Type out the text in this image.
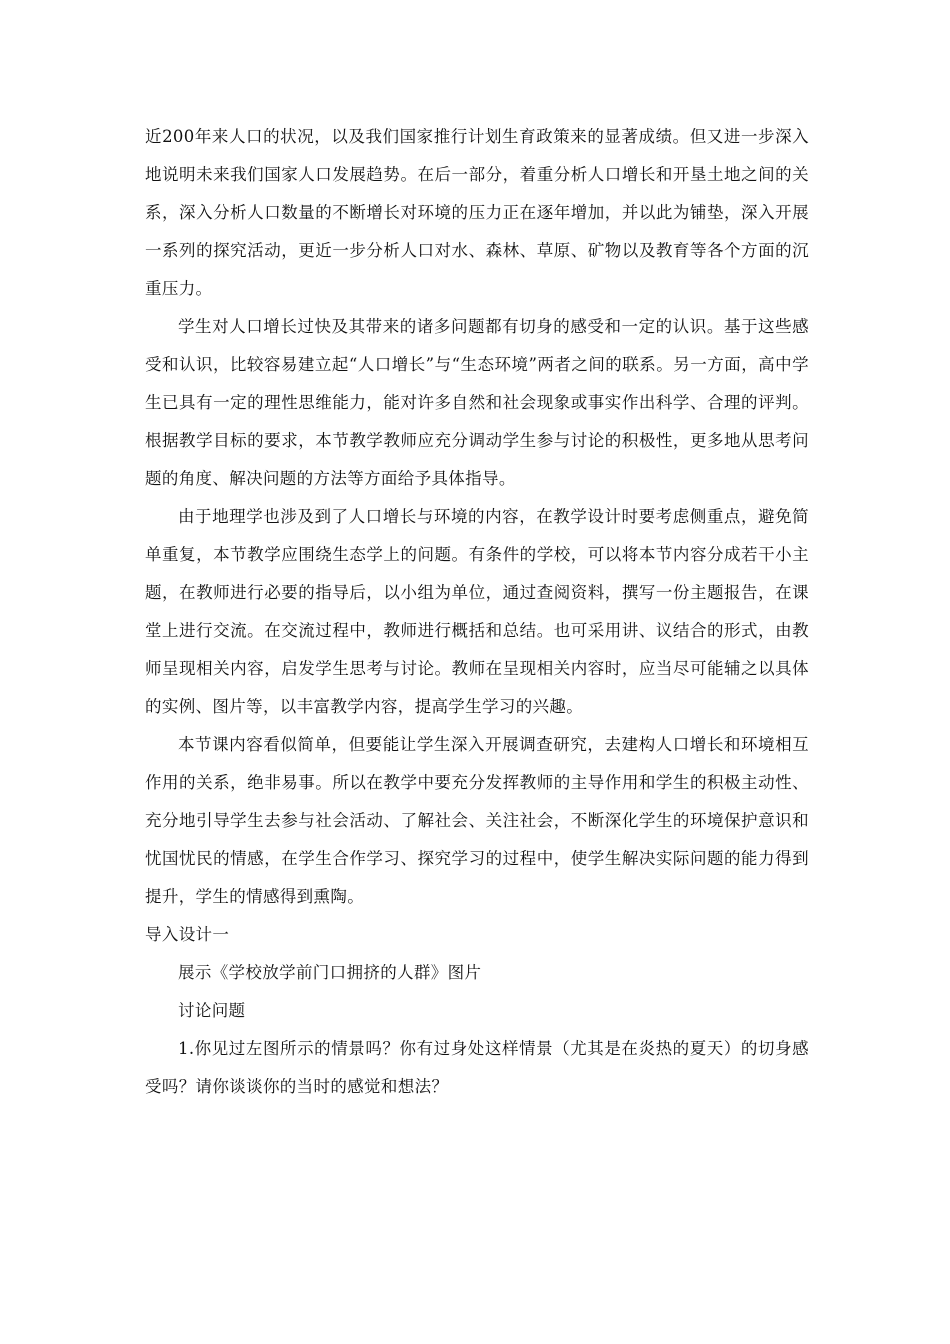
近200年来人口的状况，以及我们国家推行计划生育政策来的显著成绩。但又进一步深入地说明未来我们国家人口发展趋势。在后一部分，着重分析人口增长和开垦土地之间的关系，深入分析人口数量的不断增长对环境的压力正在逐年增加，并以此为铺垫，深入开展一系列的探究活动，更近一步分析人口对水、森林、草原、矿物以及教育等各个方面的沉重压力。

学生对人口增长过快及其带来的诸多问题都有切身的感受和一定的认识。基于这些感受和认识，比较容易建立起“人口增长”与“生态环境”两者之间的联系。另一方面，高中学生已具有一定的理性思维能力，能对许多自然和社会现象或事实作出科学、合理的评判。根据教学目标的要求，本节教学教师应充分调动学生参与讨论的积极性，更多地从思考问题的角度、解决问题的方法等方面给予具体指导。

由于地理学也涉及到了人口增长与环境的内容，在教学设计时要考虑侧重点，避免简单重复，本节教学应围绕生态学上的问题。有条件的学校，可以将本节内容分成若干小主题，在教师进行必要的指导后，以小组为单位，通过查阅资料，撰写一份主题报告，在课堂上进行交流。在交流过程中，教师进行概括和总结。也可采用讲、议结合的形式，由教师呈现相关内容，启发学生思考与讨论。教师在呈现相关内容时，应当尽可能辅之以具体的实例、图片等，以丰富教学内容，提高学生学习的兴趣。

本节课内容看似简单，但要能让学生深入开展调查研究，去建构人口增长和环境相互作用的关系，绝非易事。所以在教学中要充分发挥教师的主导作用和学生的积极主动性、充分地引导学生去参与社会活动、了解社会、关注社会，不断深化学生的环境保护意识和忧国忧民的情感，在学生合作学习、探究学习的过程中，使学生解决实际问题的能力得到提升，学生的情感得到熏陶。

导入设计一

展示《学校放学前门口拥挤的人群》图片

讨论问题

1.你见过左图所示的情景吗？你有过身处这样情景（尤其是在炎热的夏天）的切身感受吗？请你谈谈你的当时的感觉和想法？
